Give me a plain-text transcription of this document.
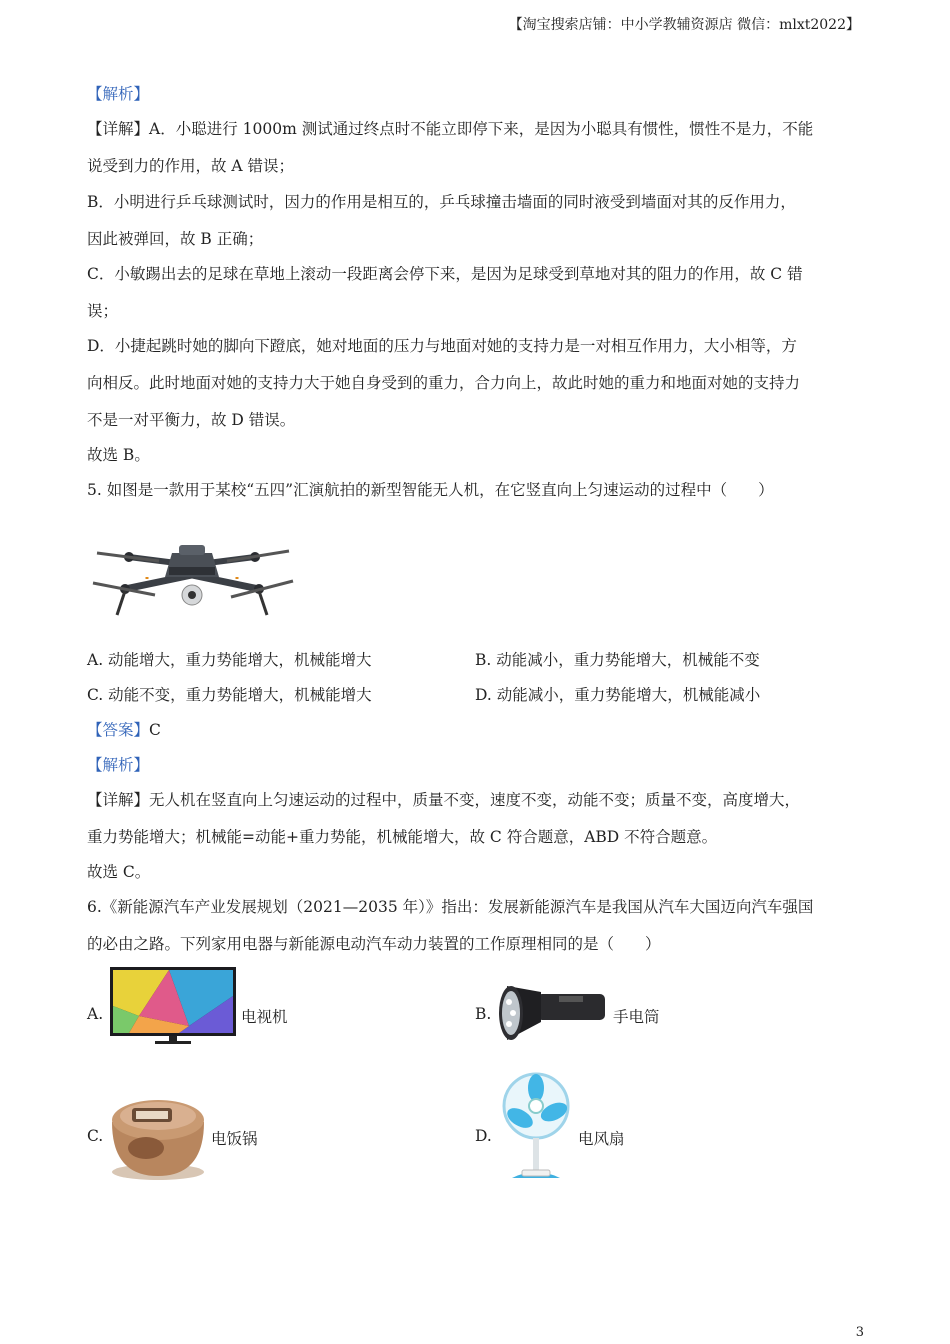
【淘宝搜索店铺：中小学教辅资源店 微信：mlxt2022】
【解析】
【详解】A．小聪进行 1000m 测试通过终点时不能立即停下来，是因为小聪具有惯性，惯性不是力，不能
说受到力的作用，故 A 错误；
B．小明进行乒乓球测试时，因力的作用是相互的，乒乓球撞击墙面的同时液受到墙面对其的反作用力，
因此被弹回，故 B 正确；
C．小敏踢出去的足球在草地上滚动一段距离会停下来，是因为足球受到草地对其的阻力的作用，故 C 错
误；
D．小捷起跳时她的脚向下蹬底，她对地面的压力与地面对她的支持力是一对相互作用力，大小相等，方
向相反。此时地面对她的支持力大于她自身受到的重力，合力向上，故此时她的重力和地面对她的支持力
不是一对平衡力，故 D 错误。
故选 B。
5. 如图是一款用于某校“五四”汇演航拍的新型智能无人机，在它竖直向上匀速运动的过程中（　　）
A. 动能增大，重力势能增大，机械能增大	B. 动能减小，重力势能增大，机械能不变
C. 动能不变，重力势能增大，机械能增大	D. 动能减小，重力势能增大，机械能减小
【答案】C
【解析】
【详解】无人机在竖直向上匀速运动的过程中，质量不变，速度不变，动能不变；质量不变，高度增大，
重力势能增大；机械能=动能+重力势能，机械能增大，故 C 符合题意，ABD 不符合题意。
故选 C。
6.《新能源汽车产业发展规划（2021—2035 年）》指出：发展新能源汽车是我国从汽车大国迈向汽车强国
的必由之路。下列家用电器与新能源电动汽车动力装置的工作原理相同的是（　　）
A.	电视机	B.	手电筒
C.	电饭锅	D.	电风扇
3
